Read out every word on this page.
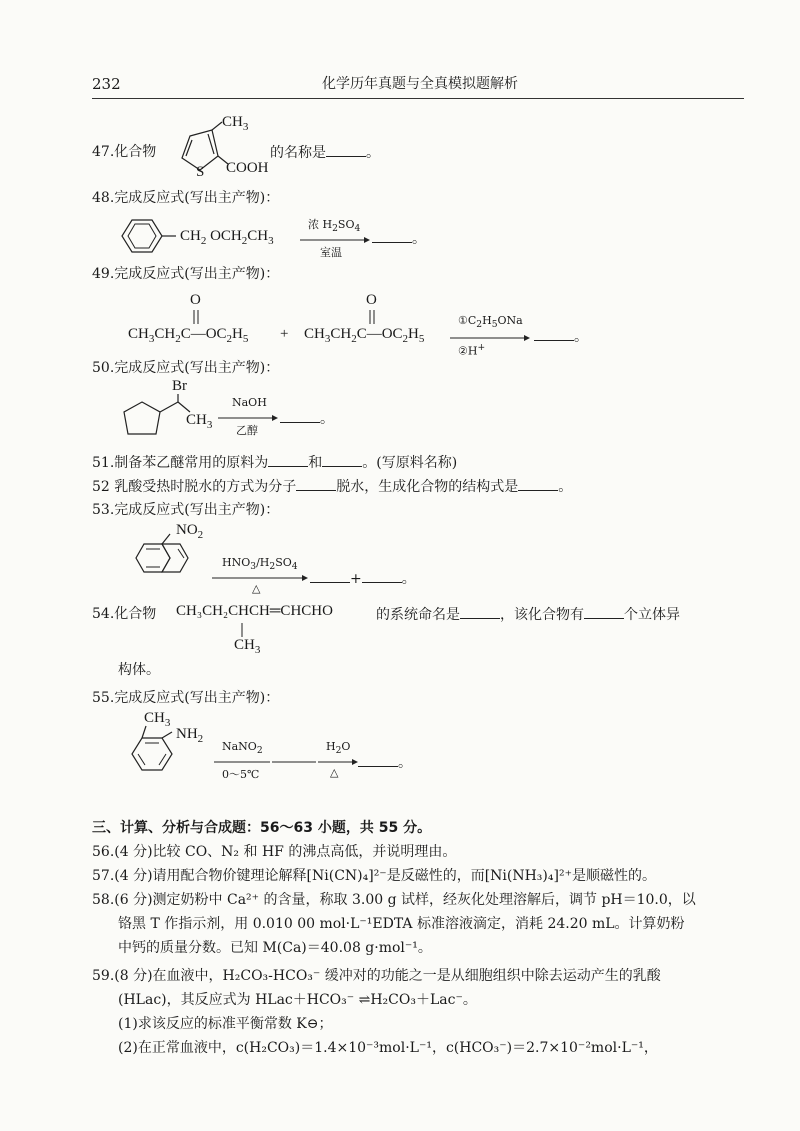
232	化学历年真题与全真模拟题解析
47.化合物
$CH_3$
S COOH
的名称是	。
48.完成反应式(写出主产物)：
$CH_2$ $OCH_2CH_3$
浓 $H_2SO_4$
室温
。
49.完成反应式(写出主产物)：
O	O
$CH_3CH_2C—OC_2H_5$ + $CH_3CH_2C—OC_2H_5$
$①C_2H_5ONa$
②H+
。
50.完成反应式(写出主产物)：
Br
$CH_3$
NaOH
乙醇
。
51.制备苯乙醚常用的原料为	和	。(写原料名称)
52 乳酸受热时脱水的方式为分子	脱水，生成化合物的结构式是	。
53.完成反应式(写出主产物)：
$NO_2$
$HNO_3/H_2SO_4$
△
+	。
54.化合物 CH₃CH₂CHCH═CHCHO
$CH_3$
的系统命名是	，该化合物有	个立体异
构体。
55.完成反应式(写出主产物)：
$CH_3$
$NH_2$
NaNO$_2$
0～5℃
$H_2O$
△
。
三、计算、分析与合成题：56～63 小题，共 55 分。
56.(4 分)比较 CO、N₂ 和 HF 的沸点高低，并说明理由。
57.(4 分)请用配合物价键理论解释[Ni(CN)₄]²⁻是反磁性的，而[Ni(NH₃)₄]²⁺是顺磁性的。
58.(6 分)测定奶粉中 Ca²⁺ 的含量，称取 3.00 g 试样，经灰化处理溶解后，调节 pH＝10.0，以
铬黑 T 作指示剂，用 0.010 00 mol·L⁻¹EDTA 标准溶液滴定，消耗 24.20 mL。计算奶粉
中钙的质量分数。已知 M(Ca)＝40.08 g·mol⁻¹。
59.(8 分)在血液中，H₂CO₃-HCO₃⁻ 缓冲对的功能之一是从细胞组织中除去运动产生的乳酸
(HLac)，其反应式为 HLac＋HCO₃⁻ ⇌H₂CO₃＋Lac⁻。
(1)求该反应的标准平衡常数 K⊖；
(2)在正常血液中，c(H₂CO₃)＝1.4×10⁻³mol·L⁻¹，c(HCO₃⁻)＝2.7×10⁻²mol·L⁻¹，
